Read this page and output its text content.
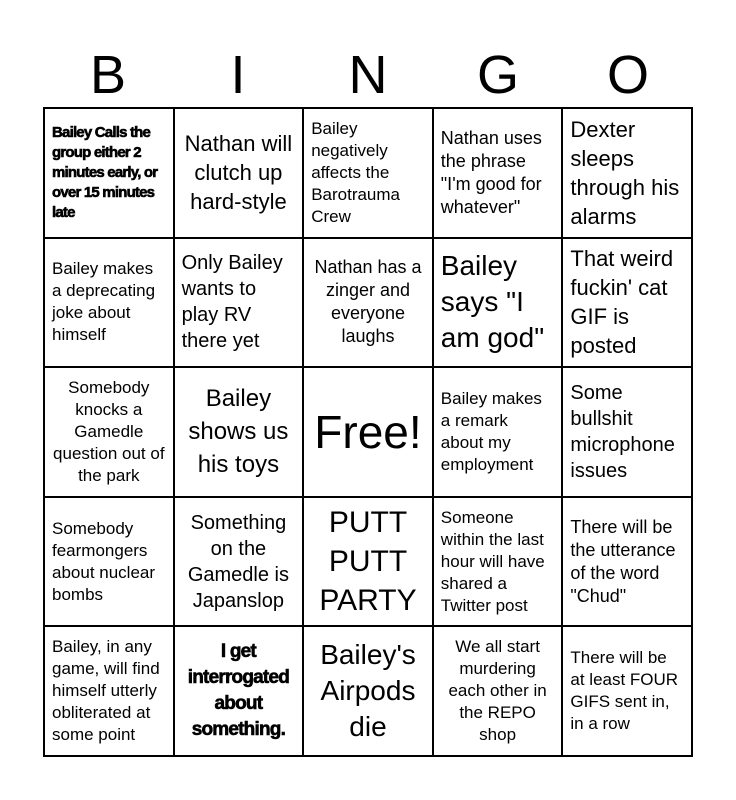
B	I	N	G	O
Bailey Calls the group either 2 minutes early, or over 15 minutes late
Nathan will clutch up hard-style
Bailey negatively affects the Barotrauma Crew
Nathan uses the phrase "I'm good for whatever"
Dexter sleeps through his alarms
Bailey makes a deprecating joke about himself
Only Bailey wants to play RV there yet
Nathan has a zinger and everyone laughs
Bailey says "I am god"
That weird fuckin' cat GIF is posted
Somebody knocks a Gamedle question out of the park
Bailey shows us his toys
Free!
Bailey makes a remark about my employment
Some bullshit microphone issues
Somebody fearmongers about nuclear bombs
Something on the Gamedle is Japanslop
PUTT PUTT PARTY
Someone within the last hour will have shared a Twitter post
There will be the utterance of the word "Chud"
Bailey, in any game, will find himself utterly obliterated at some point
I get interrogated about something.
Bailey's Airpods die
We all start murdering each other in the REPO shop
There will be at least FOUR GIFS sent in, in a row
